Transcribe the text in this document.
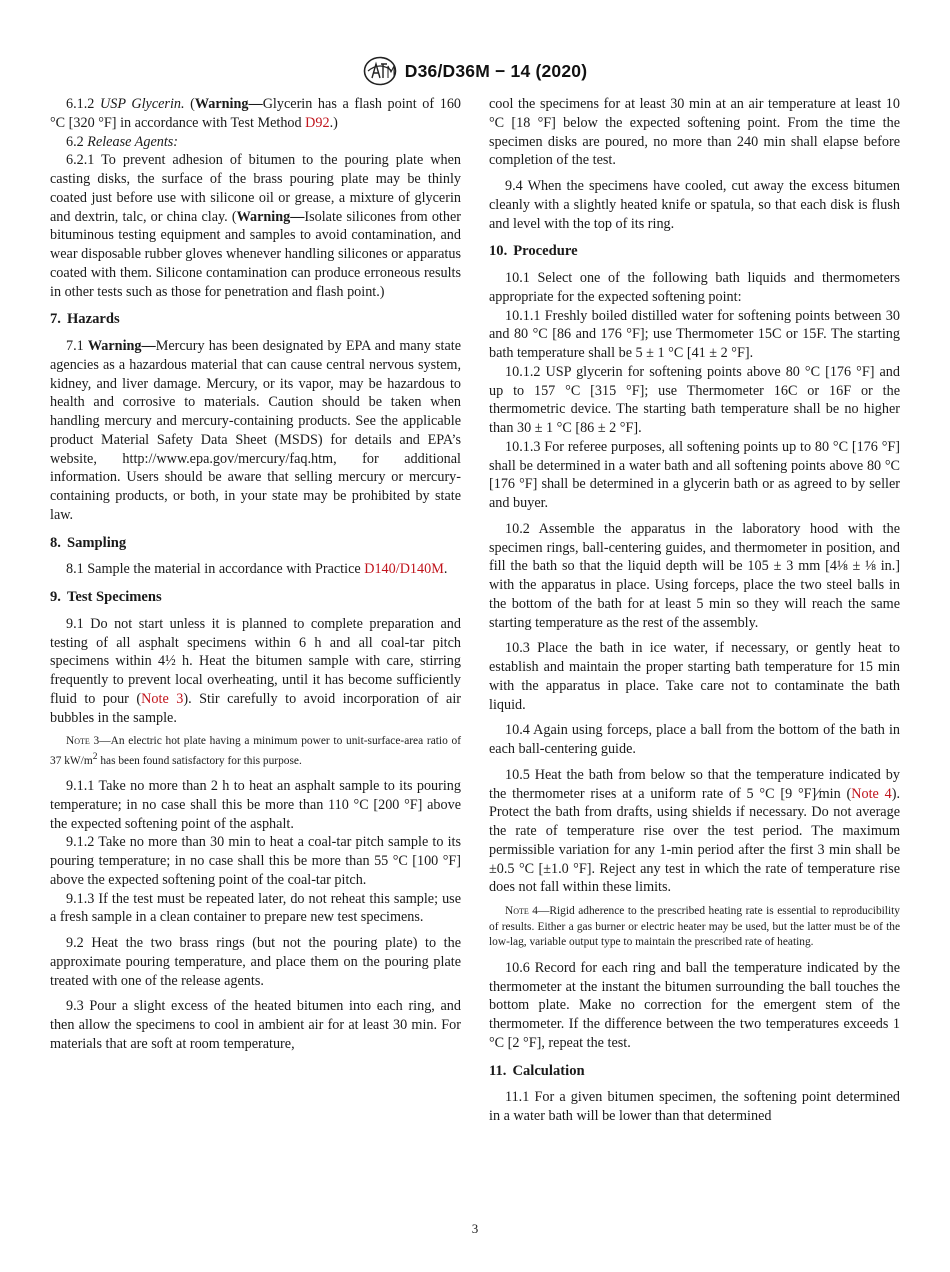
D36/D36M − 14 (2020)

6.1.2 USP Glycerin. (Warning—Glycerin has a flash point of 160 °C [320 °F] in accordance with Test Method D92.)

6.2 Release Agents:

6.2.1 To prevent adhesion of bitumen to the pouring plate when casting disks, the surface of the brass pouring plate may be thinly coated just before use with silicone oil or grease, a mixture of glycerin and dextrin, talc, or china clay. (Warning—Isolate silicones from other bituminous testing equipment and samples to avoid contamination, and wear disposable rubber gloves whenever handling silicones or apparatus coated with them. Silicone contamination can produce erroneous results in other tests such as those for penetration and flash point.)

7. Hazards

7.1 Warning—Mercury has been designated by EPA and many state agencies as a hazardous material that can cause central nervous system, kidney, and liver damage. Mercury, or its vapor, may be hazardous to health and corrosive to materials. Caution should be taken when handling mercury and mercury-containing products. See the applicable product Material Safety Data Sheet (MSDS) for details and EPA’s website, http://www.epa.gov/mercury/faq.htm, for additional information. Users should be aware that selling mercury or mercury-containing products, or both, in your state may be prohibited by state law.

8. Sampling

8.1 Sample the material in accordance with Practice D140/D140M.

9. Test Specimens

9.1 Do not start unless it is planned to complete preparation and testing of all asphalt specimens within 6 h and all coal-tar pitch specimens within 4½ h. Heat the bitumen sample with care, stirring frequently to prevent local overheating, until it has become sufficiently fluid to pour (Note 3). Stir carefully to avoid incorporation of air bubbles in the sample.

Note 3—An electric hot plate having a minimum power to unit-surface-area ratio of 37 $kW/m^2$ has been found satisfactory for this purpose.

9.1.1 Take no more than 2 h to heat an asphalt sample to its pouring temperature; in no case shall this be more than 110 °C [200 °F] above the expected softening point of the asphalt.

9.1.2 Take no more than 30 min to heat a coal-tar pitch sample to its pouring temperature; in no case shall this be more than 55 °C [100 °F] above the expected softening point of the coal-tar pitch.

9.1.3 If the test must be repeated later, do not reheat this sample; use a fresh sample in a clean container to prepare new test specimens.

9.2 Heat the two brass rings (but not the pouring plate) to the approximate pouring temperature, and place them on the pouring plate treated with one of the release agents.

9.3 Pour a slight excess of the heated bitumen into each ring, and then allow the specimens to cool in ambient air for at least 30 min. For materials that are soft at room temperature,

cool the specimens for at least 30 min at an air temperature at least 10 °C [18 °F] below the expected softening point. From the time the specimen disks are poured, no more than 240 min shall elapse before completion of the test.

9.4 When the specimens have cooled, cut away the excess bitumen cleanly with a slightly heated knife or spatula, so that each disk is flush and level with the top of its ring.

10. Procedure

10.1 Select one of the following bath liquids and thermometers appropriate for the expected softening point:

10.1.1 Freshly boiled distilled water for softening points between 30 and 80 °C [86 and 176 °F]; use Thermometer 15C or 15F. The starting bath temperature shall be 5 ± 1 °C [41 ± 2 °F].

10.1.2 USP glycerin for softening points above 80 °C [176 °F] and up to 157 °C [315 °F]; use Thermometer 16C or 16F or the thermometric device. The starting bath temperature shall be no higher than 30 ± 1 °C [86 ± 2 °F].

10.1.3 For referee purposes, all softening points up to 80 °C [176 °F] shall be determined in a water bath and all softening points above 80 °C [176 °F] shall be determined in a glycerin bath or as agreed to by seller and buyer.

10.2 Assemble the apparatus in the laboratory hood with the specimen rings, ball-centering guides, and thermometer in position, and fill the bath so that the liquid depth will be 105 ± 3 mm [4⅛ ± ⅛ in.] with the apparatus in place. Using forceps, place the two steel balls in the bottom of the bath for at least 5 min so they will reach the same starting temperature as the rest of the assembly.

10.3 Place the bath in ice water, if necessary, or gently heat to establish and maintain the proper starting bath temperature for 15 min with the apparatus in place. Take care not to contaminate the bath liquid.

10.4 Again using forceps, place a ball from the bottom of the bath in each ball-centering guide.

10.5 Heat the bath from below so that the temperature indicated by the thermometer rises at a uniform rate of 5 °C [9 °F]⁄min (Note 4). Protect the bath from drafts, using shields if necessary. Do not average the rate of temperature rise over the test period. The maximum permissible variation for any 1-min period after the first 3 min shall be ±0.5 °C [±1.0 °F]. Reject any test in which the rate of temperature rise does not fall within these limits.

Note 4—Rigid adherence to the prescribed heating rate is essential to reproducibility of results. Either a gas burner or electric heater may be used, but the latter must be of the low-lag, variable output type to maintain the prescribed rate of heating.

10.6 Record for each ring and ball the temperature indicated by the thermometer at the instant the bitumen surrounding the ball touches the bottom plate. Make no correction for the emergent stem of the thermometer. If the difference between the two temperatures exceeds 1 °C [2 °F], repeat the test.

11. Calculation

11.1 For a given bitumen specimen, the softening point determined in a water bath will be lower than that determined

3
